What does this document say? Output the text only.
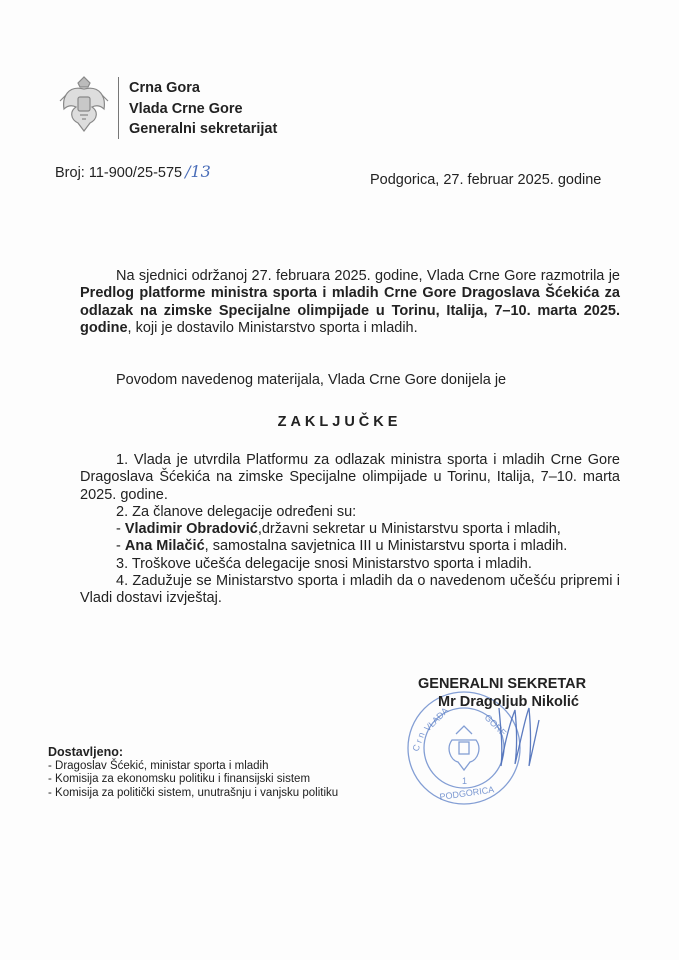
Crna Gora
Vlada Crne Gore
Generalni sekretarijat
Broj: 11-900/25-575 /13	Podgorica, 27. februar 2025. godine
Na sjednici održanoj 27. februara 2025. godine, Vlada Crne Gore razmotrila je Predlog platforme ministra sporta i mladih Crne Gore Dragoslava Šćekića za odlazak na zimske Specijalne olimpijade u Torinu, Italija, 7–10. marta 2025. godine, koji je dostavilo Ministarstvo sporta i mladih.
Povodom navedenog materijala, Vlada Crne Gore donijela je
ZAKLJUČKE

1. Vlada je utvrdila Platformu za odlazak ministra sporta i mladih Crne Gore Dragoslava Šćekića na zimske Specijalne olimpijade u Torinu, Italija, 7–10. marta 2025. godine.

2. Za članove delegacije određeni su:

- Vladimir Obradović,državni sekretar u Ministarstvu sporta i mladih,

- Ana Milačić, samostalna savjetnica III u Ministarstvu sporta i mladih.

3. Troškove učešća delegacije snosi Ministarstvo sporta i mladih.

4. Zadužuje se Ministarstvo sporta i mladih da o navedenom učešću pripremi i Vladi dostavi izvještaj.

C r n
VLADA	GORE
1
PODGORICA
GENERALNI SEKRETAR
Mr Dragoljub Nikolić
Dostavljeno:
- Dragoslav Šćekić, ministar sporta i mladih
- Komisija za ekonomsku politiku i finansijski sistem
- Komisija za politički sistem, unutrašnju i vanjsku politiku
